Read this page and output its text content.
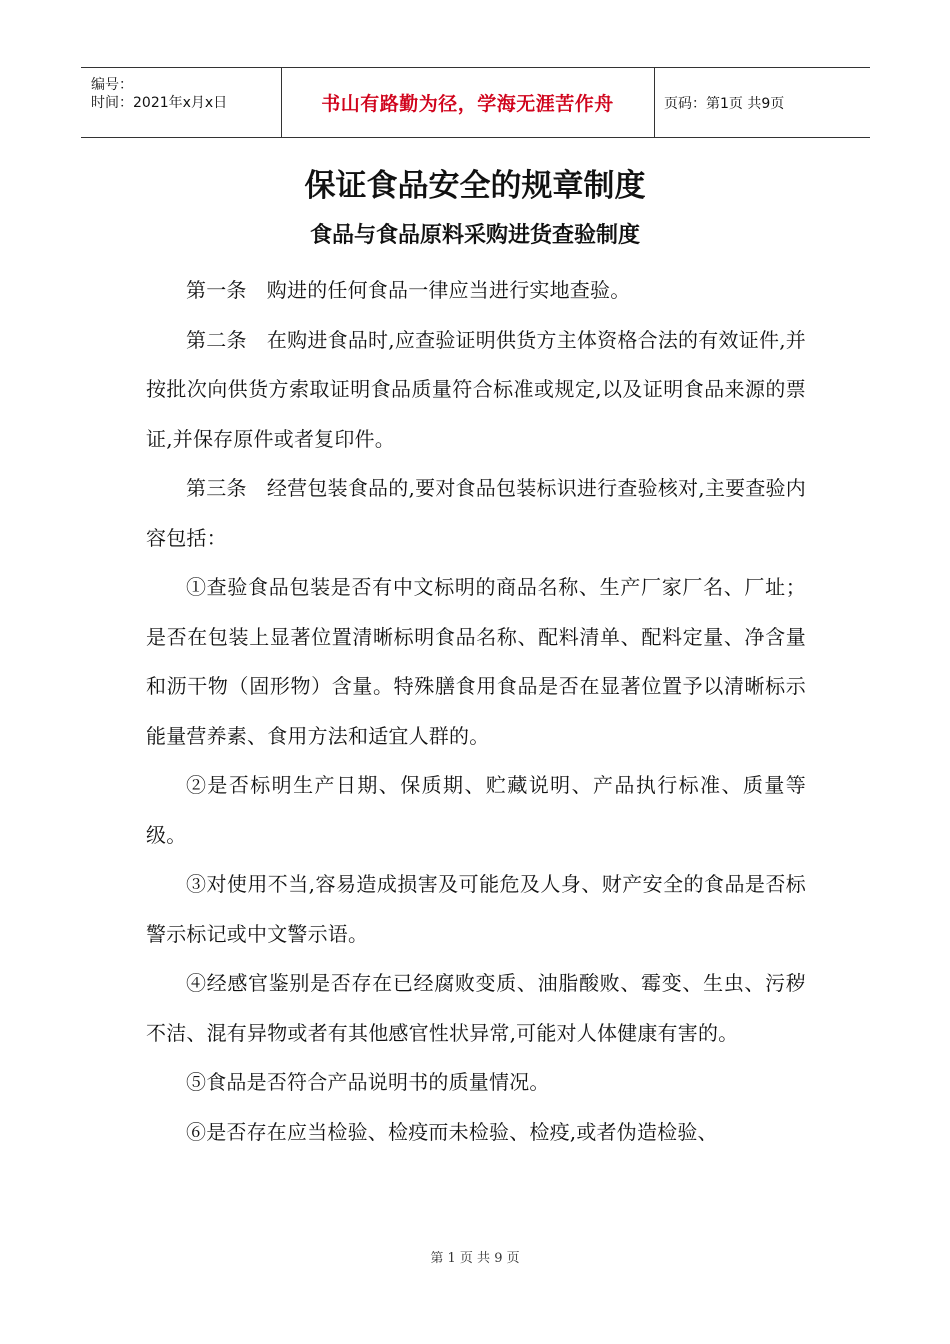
编号：
时间：2021年x月x日	书山有路勤为径，学海无涯苦作舟	页码：第1页 共9页
保证食品安全的规章制度
食品与食品原料采购进货查验制度

第一条　购进的任何食品一律应当进行实地查验。

第二条　在购进食品时,应查验证明供货方主体资格合法的有效证件,并按批次向供货方索取证明食品质量符合标准或规定,以及证明食品来源的票证,并保存原件或者复印件。

第三条　经营包装食品的,要对食品包装标识进行查验核对,主要查验内容包括：

①查验食品包装是否有中文标明的商品名称、生产厂家厂名、厂址；是否在包装上显著位置清晰标明食品名称、配料清单、配料定量、净含量和沥干物（固形物）含量。特殊膳食用食品是否在显著位置予以清晰标示能量营养素、食用方法和适宜人群的。

②是否标明生产日期、保质期、贮藏说明、产品执行标准、质量等级。

③对使用不当,容易造成损害及可能危及人身、财产安全的食品是否标警示标记或中文警示语。

④经感官鉴别是否存在已经腐败变质、油脂酸败、霉变、生虫、污秽不洁、混有异物或者有其他感官性状异常,可能对人体健康有害的。

⑤食品是否符合产品说明书的质量情况。

⑥是否存在应当检验、检疫而未检验、检疫,或者伪造检验、

第 1 页 共 9 页
